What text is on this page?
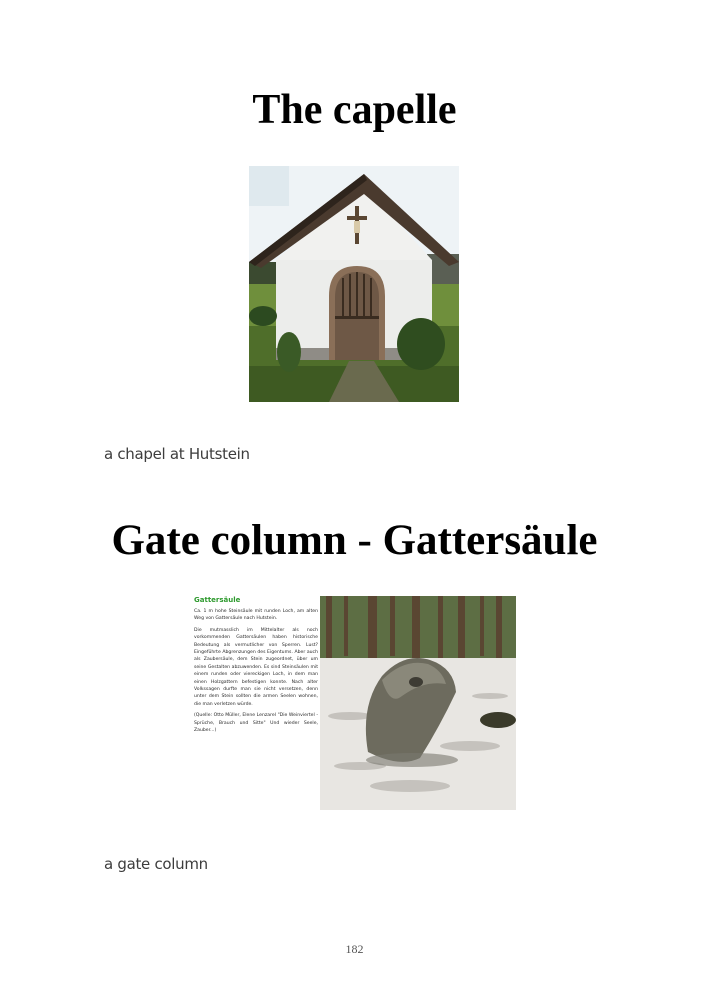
The capelle
a chapel at Hutstein
Gate column - Gattersäule
Gattersäule

Ca. 1 m hohe Steinsäule mit runden Loch, am alten Weg von Gattersäule nach Hutstein.

Die mutmasslich im Mittelalter als noch vorkommenden Gattersäulen haben historische Bedeutung als vermutlicher von Sperren. Lust? Eingeführte Abgrenzungen des Eigentums. Aber auch als Zaubersäule, dem Stein zugeordnet, über um seine Gestalten abzuwenden. Es sind Steinsäulen mit einem runden oder viereckigen Loch, in dem man einen Holzgattern befestigen konnte. Nach alter Volkssagen durfte man sie nicht versetzen, denn unter dem Stein sollten die armen Seelen wohnen, die man verletzen würde.

(Quelle: Otto Müller, Elene Lenzarel "Die Weinviertel - Sprüche, Brauch und Sitte" Und wieder Seele, Zauber...)

a gate column
182
